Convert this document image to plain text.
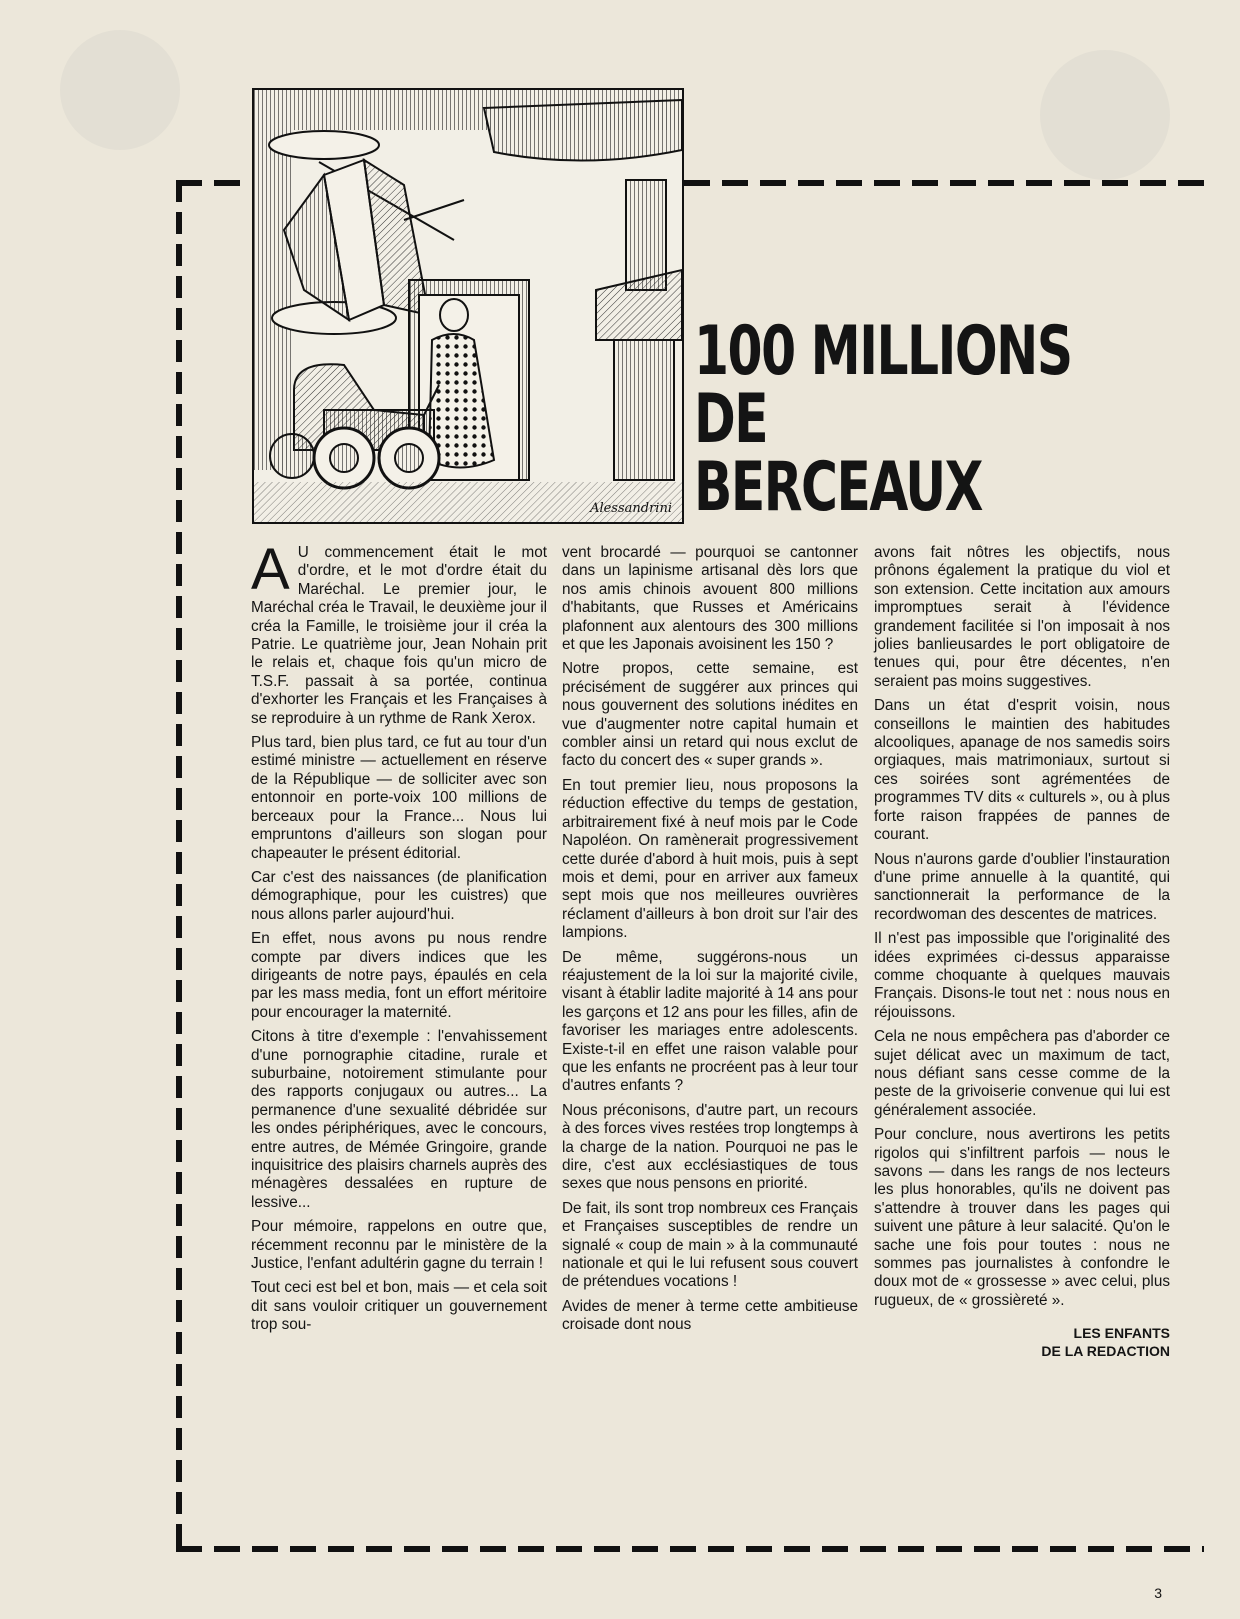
Alessandrini
100 MILLIONS
DE
BERCEAUX

A U commencement était le mot d'ordre, et le mot d'ordre était du Maréchal. Le premier jour, le Maréchal créa le Travail, le deuxième jour il créa la Famille, le troisième jour il créa la Patrie. Le quatrième jour, Jean Nohain prit le relais et, chaque fois qu'un micro de T.S.F. passait à sa portée, continua d'exhorter les Français et les Françaises à se reproduire à un rythme de Rank Xerox.

Plus tard, bien plus tard, ce fut au tour d'un estimé ministre — actuellement en réserve de la République — de solliciter avec son entonnoir en porte-voix 100 millions de berceaux pour la France... Nous lui empruntons d'ailleurs son slogan pour chapeauter le présent éditorial.

Car c'est des naissances (de planification démographique, pour les cuistres) que nous allons parler aujourd'hui.

En effet, nous avons pu nous rendre compte par divers indices que les dirigeants de notre pays, épaulés en cela par les mass media, font un effort méritoire pour encourager la maternité.

Citons à titre d'exemple : l'envahissement d'une pornographie citadine, rurale et suburbaine, notoirement stimulante pour des rapports conjugaux ou autres... La permanence d'une sexualité débridée sur les ondes périphériques, avec le concours, entre autres, de Mémée Gringoire, grande inquisitrice des plaisirs charnels auprès des ménagères dessalées en rupture de lessive...

Pour mémoire, rappelons en outre que, récemment reconnu par le ministère de la Justice, l'enfant adultérin gagne du terrain !

Tout ceci est bel et bon, mais — et cela soit dit sans vouloir critiquer un gouvernement trop sou-

vent brocardé — pourquoi se cantonner dans un lapinisme artisanal dès lors que nos amis chinois avouent 800 millions d'habitants, que Russes et Américains plafonnent aux alentours des 300 millions et que les Japonais avoisinent les 150 ?

Notre propos, cette semaine, est précisément de suggérer aux princes qui nous gouvernent des solutions inédites en vue d'augmenter notre capital humain et combler ainsi un retard qui nous exclut de facto du concert des « super grands ».

En tout premier lieu, nous proposons la réduction effective du temps de gestation, arbitrairement fixé à neuf mois par le Code Napoléon. On ramènerait progressivement cette durée d'abord à huit mois, puis à sept mois et demi, pour en arriver aux fameux sept mois que nos meilleures ouvrières réclament d'ailleurs à bon droit sur l'air des lampions.

De même, suggérons-nous un réajustement de la loi sur la majorité civile, visant à établir ladite majorité à 14 ans pour les garçons et 12 ans pour les filles, afin de favoriser les mariages entre adolescents. Existe-t-il en effet une raison valable pour que les enfants ne procréent pas à leur tour d'autres enfants ?

Nous préconisons, d'autre part, un recours à des forces vives restées trop longtemps à la charge de la nation. Pourquoi ne pas le dire, c'est aux ecclésiastiques de tous sexes que nous pensons en priorité.

De fait, ils sont trop nombreux ces Français et Françaises susceptibles de rendre un signalé « coup de main » à la communauté nationale et qui le lui refusent sous couvert de prétendues vocations !

Avides de mener à terme cette ambitieuse croisade dont nous

avons fait nôtres les objectifs, nous prônons également la pratique du viol et son extension. Cette incitation aux amours impromptues serait à l'évidence grandement facilitée si l'on imposait à nos jolies banlieusardes le port obligatoire de tenues qui, pour être décentes, n'en seraient pas moins suggestives.

Dans un état d'esprit voisin, nous conseillons le maintien des habitudes alcooliques, apanage de nos samedis soirs orgiaques, mais matrimoniaux, surtout si ces soirées sont agrémentées de programmes TV dits « culturels », ou à plus forte raison frappées de pannes de courant.

Nous n'aurons garde d'oublier l'instauration d'une prime annuelle à la quantité, qui sanctionnerait la performance de la recordwoman des descentes de matrices.

Il n'est pas impossible que l'originalité des idées exprimées ci-dessus apparaisse comme choquante à quelques mauvais Français. Disons-le tout net : nous nous en réjouissons.

Cela ne nous empêchera pas d'aborder ce sujet délicat avec un maximum de tact, nous défiant sans cesse comme de la peste de la grivoiserie convenue qui lui est généralement associée.

Pour conclure, nous avertirons les petits rigolos qui s'infiltrent parfois — nous le savons — dans les rangs de nos lecteurs les plus honorables, qu'ils ne doivent pas s'attendre à trouver dans les pages qui suivent une pâture à leur salacité. Qu'on le sache une fois pour toutes : nous ne sommes pas journalistes à confondre le doux mot de « grossesse » avec celui, plus rugueux, de « grossièreté ».

LES ENFANTS
DE LA REDACTION
3
